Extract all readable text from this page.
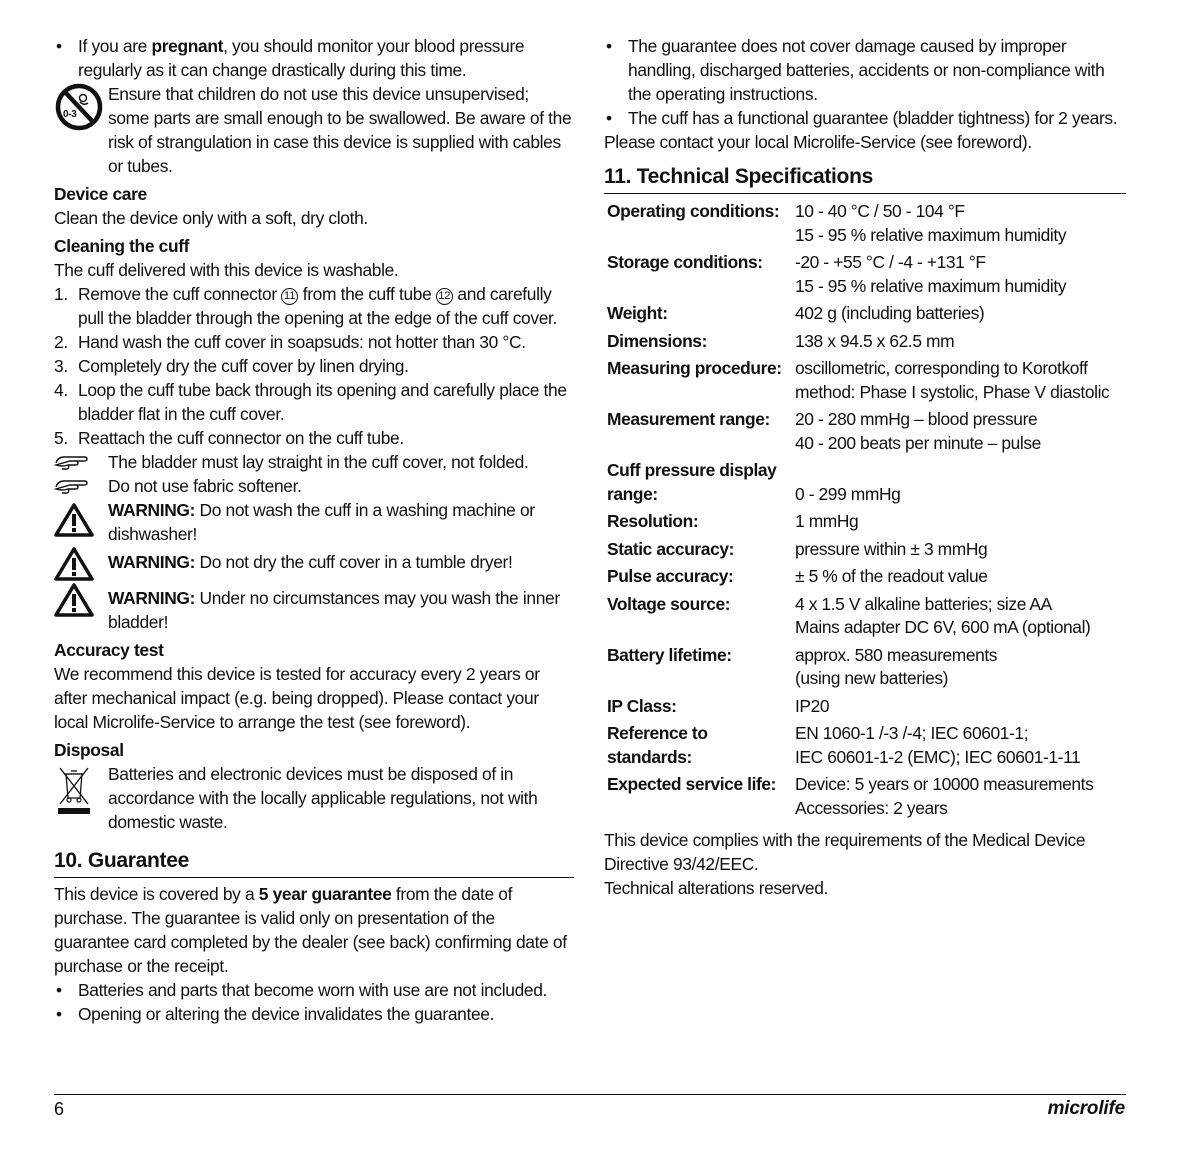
• If you are pregnant, you should monitor your blood pressure regularly as it can change drastically during this time.

0-3

Ensure that children do not use this device unsupervised; some parts are small enough to be swallowed. Be aware of the risk of strangulation in case this device is supplied with cables or tubes.

Device care

Clean the device only with a soft, dry cloth.

Cleaning the cuff

The cuff delivered with this device is washable.

1. Remove the cuff connector 11 from the cuff tube 12 and carefully pull the bladder through the opening at the edge of the cuff cover.
2. Hand wash the cuff cover in soapsuds: not hotter than 30 °C.
3. Completely dry the cuff cover by linen drying.
4. Loop the cuff tube back through its opening and carefully place the bladder flat in the cuff cover.
5. Reattach the cuff connector on the cuff tube.

The bladder must lay straight in the cuff cover, not folded.

Do not use fabric softener.

WARNING: Do not wash the cuff in a washing machine or dishwasher!

WARNING: Do not dry the cuff cover in a tumble dryer!

WARNING: Under no circumstances may you wash the inner bladder!

Accuracy test

We recommend this device is tested for accuracy every 2 years or after mechanical impact (e.g. being dropped). Please contact your local Microlife-Service to arrange the test (see foreword).

Disposal

Batteries and electronic devices must be disposed of in accordance with the locally applicable regulations, not with domestic waste.

10. Guarantee

This device is covered by a 5 year guarantee from the date of purchase. The guarantee is valid only on presentation of the guarantee card completed by the dealer (see back) confirming date of purchase or the receipt.

• Batteries and parts that become worn with use are not included.

• Opening or altering the device invalidates the guarantee.

• The guarantee does not cover damage caused by improper handling, discharged batteries, accidents or non-compliance with the operating instructions.

• The cuff has a functional guarantee (bladder tightness) for 2 years.

Please contact your local Microlife-Service (see foreword).

11. Technical Specifications
Operating conditions:	10 - 40 °C / 50 - 104 °F
15 - 95 % relative maximum humidity

Storage conditions:	-20 - +55 °C / -4 - +131 °F
15 - 95 % relative maximum humidity

Weight:	402 g (including batteries)

Dimensions:	138 x 94.5 x 62.5 mm

Measuring procedure:	oscillometric, corresponding to Korotkoff
method: Phase I systolic, Phase V diastolic

Measurement range:	20 - 280 mmHg – blood pressure
40 - 200 beats per minute – pulse

Cuff pressure display range:	0 - 299 mmHg

Resolution:	1 mmHg

Static accuracy:	pressure within ± 3 mmHg

Pulse accuracy:	± 5 % of the readout value

Voltage source:	4 x 1.5 V alkaline batteries; size AA
Mains adapter DC 6V, 600 mA (optional)

Battery lifetime:	approx. 580 measurements
(using new batteries)

IP Class:	IP20

Reference to standards:	EN 1060-1 /-3 /-4; IEC 60601-1;
IEC 60601-1-2 (EMC); IEC 60601-1-11

Expected service life:	Device: 5 years or 10000 measurements
Accessories: 2 years

This device complies with the requirements of the Medical Device Directive 93/42/EEC.

Technical alterations reserved.

6	microlife
